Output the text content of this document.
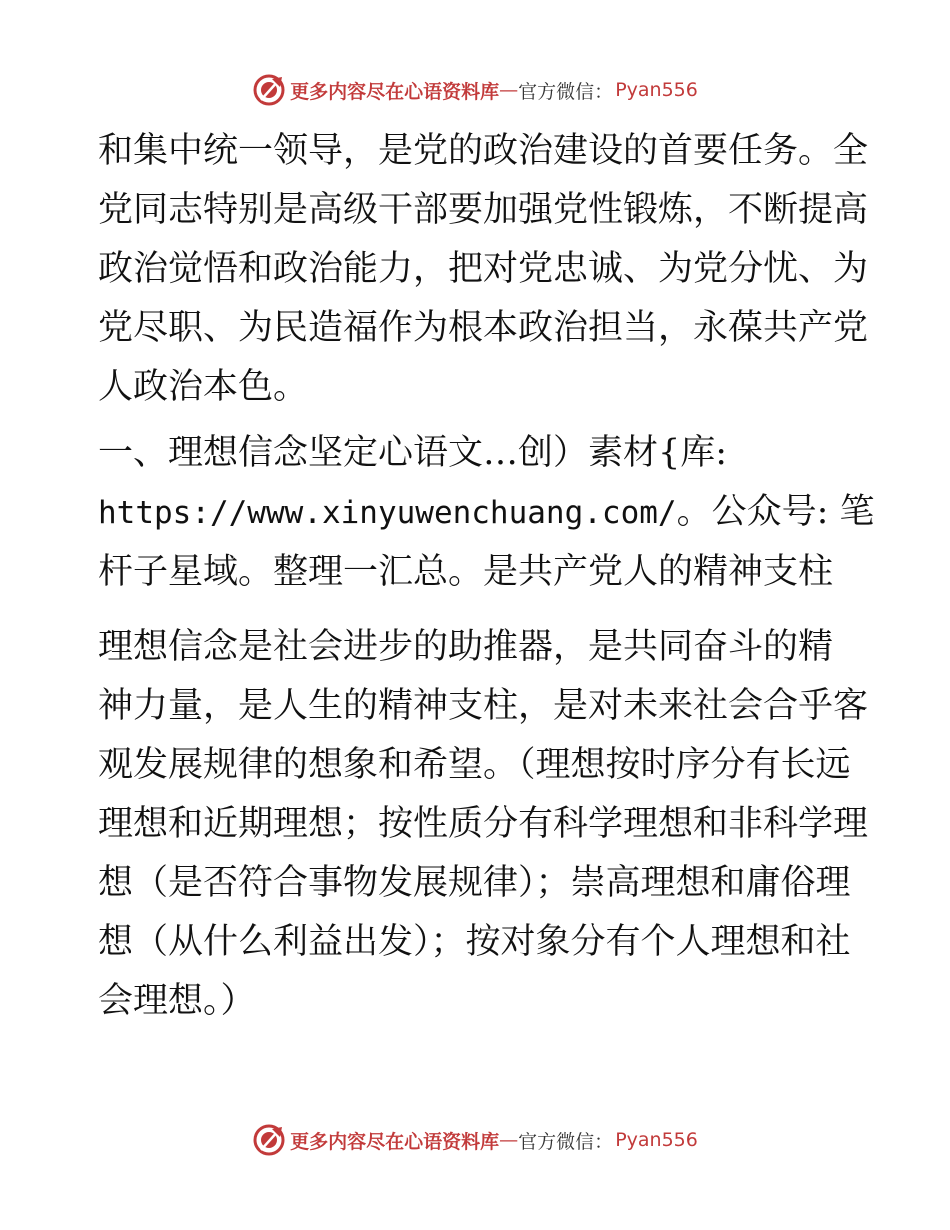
更多内容尽在心语资料库 — 官方微信： Pyan556

和集中统一领导，是党的政治建设的首要任务。全
党同志特别是高级干部要加强党性锻炼，不断提高
政治觉悟和政治能力，把对党忠诚、为党分忧、为
党尽职、为民造福作为根本政治担当，永葆共产党
人政治本色。

一、理想信念坚定心语文…创）素材{库:
https://www.xinyuwenchuang.com/。公众号: 笔
杆子星域。整理一汇总。是共产党人的精神支柱

理想信念是社会进步的助推器，是共同奋斗的精
神力量，是人生的精神支柱，是对未来社会合乎客
观发展规律的想象和希望。（理想按时序分有长远
理想和近期理想；按性质分有科学理想和非科学理
想（是否符合事物发展规律）；崇高理想和庸俗理
想（从什么利益出发）；按对象分有个人理想和社
会理想。）

更多内容尽在心语资料库 — 官方微信： Pyan556
